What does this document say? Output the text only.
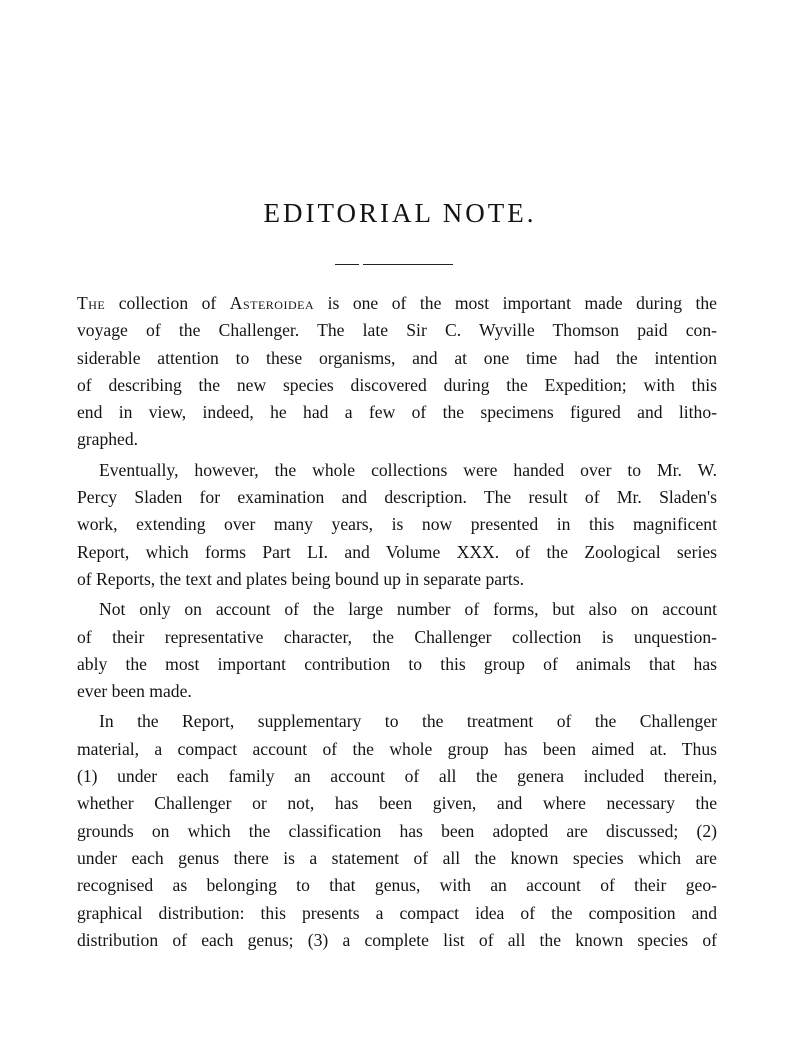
EDITORIAL NOTE.
The collection of Asteroidea is one of the most important made during the
voyage of the Challenger. The late Sir C. Wyville Thomson paid con-
siderable attention to these organisms, and at one time had the intention
of describing the new species discovered during the Expedition; with this
end in view, indeed, he had a few of the specimens figured and litho-
graphed.
Eventually, however, the whole collections were handed over to Mr. W.
Percy Sladen for examination and description. The result of Mr. Sladen's
work, extending over many years, is now presented in this magnificent
Report, which forms Part LI. and Volume XXX. of the Zoological series
of Reports, the text and plates being bound up in separate parts.
Not only on account of the large number of forms, but also on account
of their representative character, the Challenger collection is unquestion-
ably the most important contribution to this group of animals that has
ever been made.
In the Report, supplementary to the treatment of the Challenger
material, a compact account of the whole group has been aimed at. Thus
(1) under each family an account of all the genera included therein,
whether Challenger or not, has been given, and where necessary the
grounds on which the classification has been adopted are discussed; (2)
under each genus there is a statement of all the known species which are
recognised as belonging to that genus, with an account of their geo-
graphical distribution: this presents a compact idea of the composition and
distribution of each genus; (3) a complete list of all the known species of
